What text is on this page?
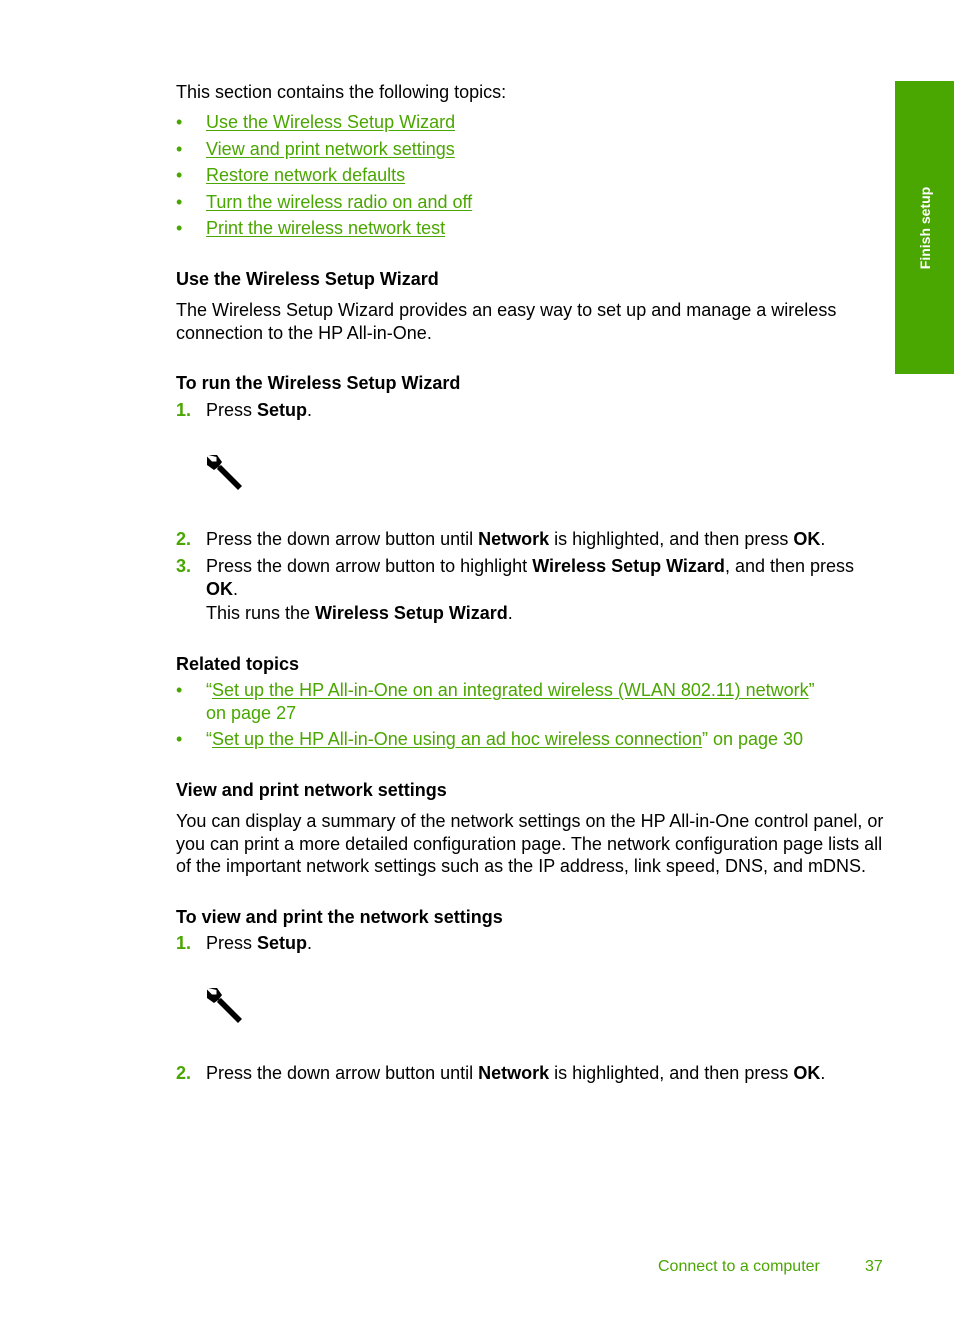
Finish setup
This section contains the following topics:
• Use the Wireless Setup Wizard
• View and print network settings
• Restore network defaults
• Turn the wireless radio on and off
• Print the wireless network test
Use the Wireless Setup Wizard
The Wireless Setup Wizard provides an easy way to set up and manage a wireless connection to the HP All-in-One.
To run the Wireless Setup Wizard
1. Press Setup.
2. Press the down arrow button until Network is highlighted, and then press OK.
3. Press the down arrow button to highlight Wireless Setup Wizard, and then press OK.
This runs the Wireless Setup Wizard.
Related topics
• “Set up the HP All-in-One on an integrated wireless (WLAN 802.11) network”
on page 27
• “Set up the HP All-in-One using an ad hoc wireless connection” on page 30
View and print network settings
You can display a summary of the network settings on the HP All-in-One control panel, or you can print a more detailed configuration page. The network configuration page lists all of the important network settings such as the IP address, link speed, DNS, and mDNS.
To view and print the network settings
1. Press Setup.
2. Press the down arrow button until Network is highlighted, and then press OK.
Connect to a computer	37
